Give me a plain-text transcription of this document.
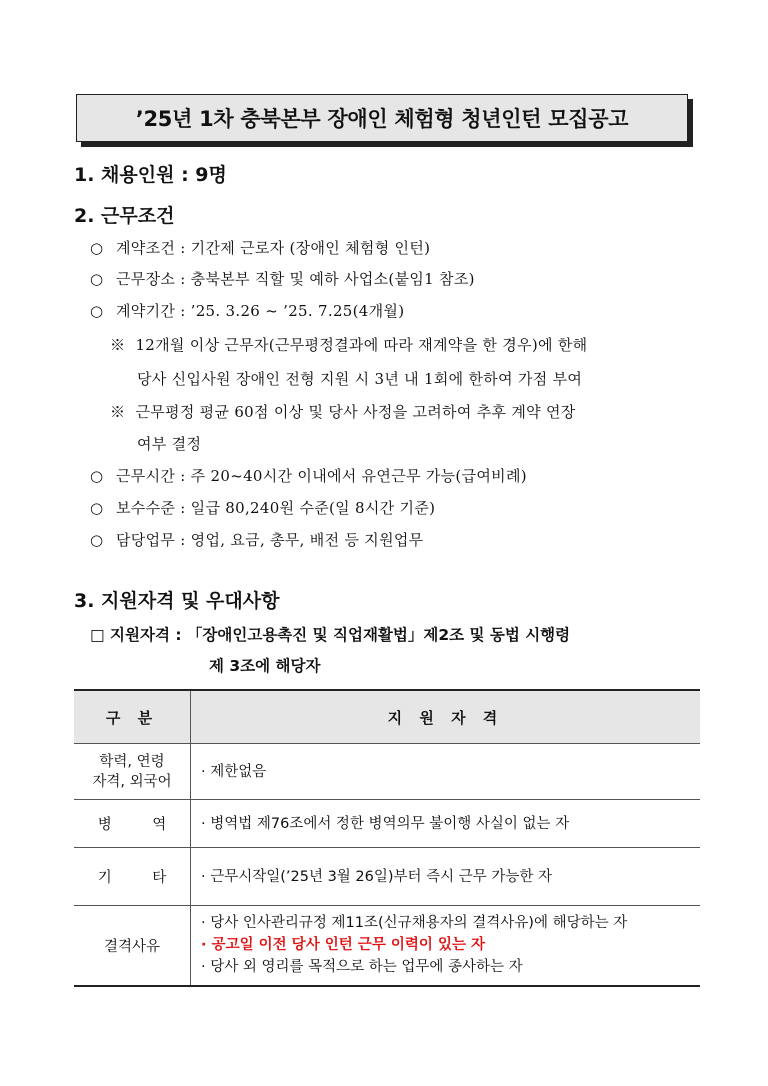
’25년 1차 충북본부 장애인 체험형 청년인턴 모집공고
1. 채용인원 : 9명
2. 근무조건
○ 계약조건 : 기간제 근로자 (장애인 체험형 인턴)
○ 근무장소 : 충북본부 직할 및 예하 사업소(붙임1 참조)
○ 계약기간 : ’25. 3.26 ~ ’25. 7.25(4개월)
※ 12개월 이상 근무자(근무평정결과에 따라 재계약을 한 경우)에 한해
당사 신입사원 장애인 전형 지원 시 3년 내 1회에 한하여 가점 부여
※ 근무평정 평균 60점 이상 및 당사 사정을 고려하여 추후 계약 연장
여부 결정
○ 근무시간 : 주 20~40시간 이내에서 유연근무 가능(급여비례)
○ 보수수준 : 일급 80,240원 수준(일 8시간 기준)
○ 담당업무 : 영업, 요금, 총무, 배전 등 지원업무
3. 지원자격 및 우대사항
□ 지원자격 : 「장애인고용촉진 및 직업재활법」제2조 및 동법 시행령
제 3조에 해당자
구 분	지 원 자 격

학력, 연령
자격, 외국어	· 제한없음

병 역	· 병역법 제76조에서 정한 병역의무 불이행 사실이 없는 자

기 타	· 근무시작일(’25년 3월 26일)부터 즉시 근무 가능한 자

결격사유	· 당사 인사관리규정 제11조(신규채용자의 결격사유)에 해당하는 자
· 공고일 이전 당사 인턴 근무 이력이 있는 자
· 당사 외 영리를 목적으로 하는 업무에 종사하는 자
